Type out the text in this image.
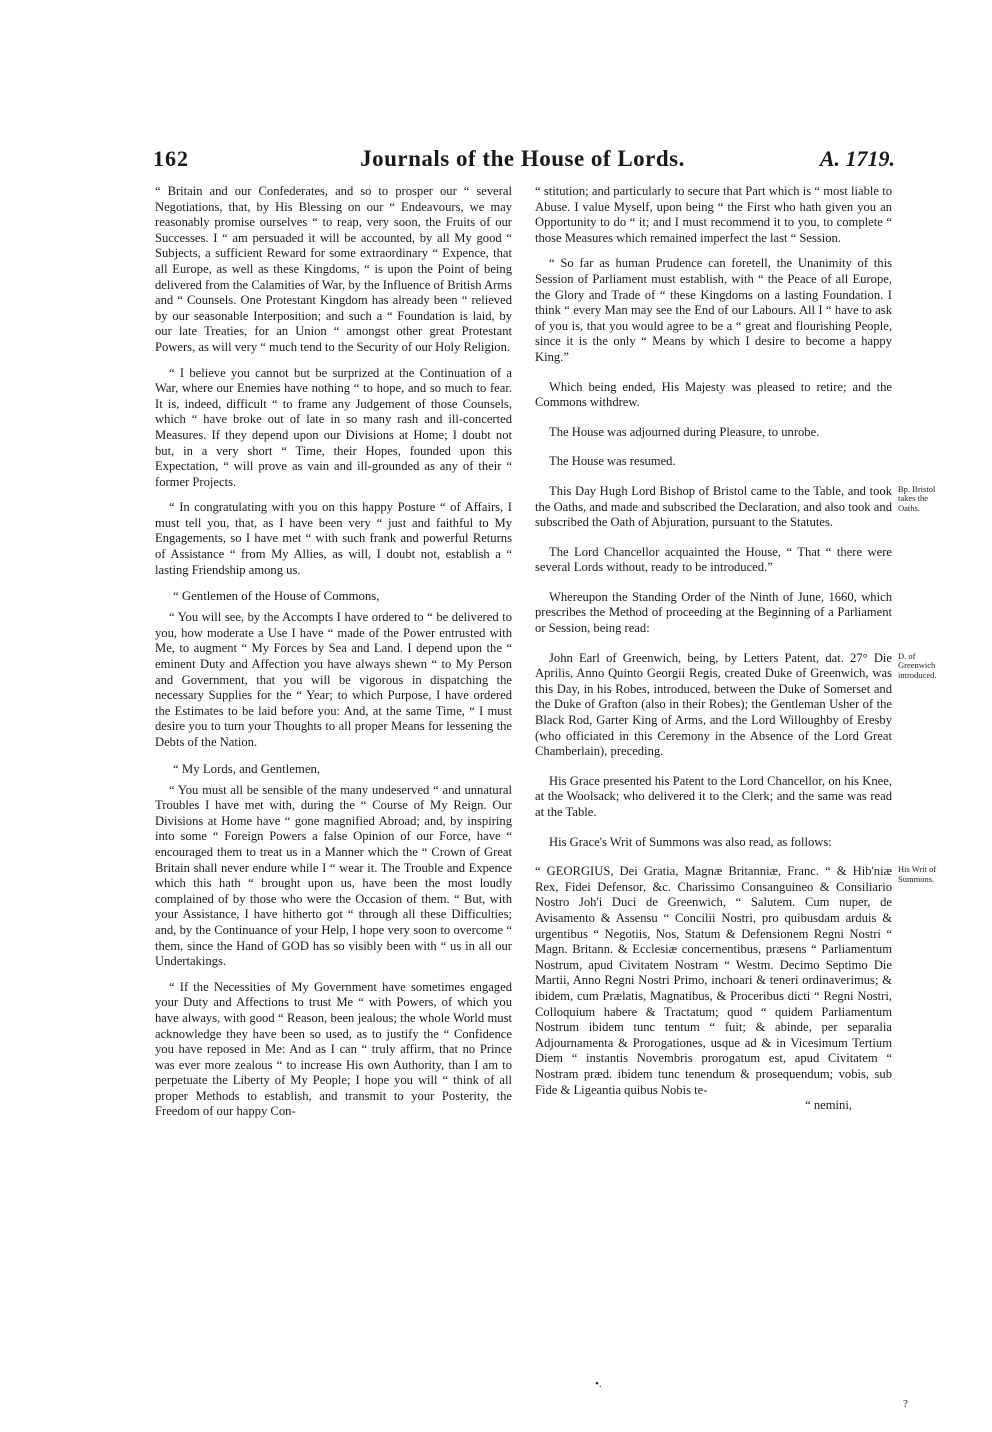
162	Journals of the House of Lords.	A. 1719.

“ Britain and our Confederates, and so to prosper our “ several Negotiations, that, by His Blessing on our “ Endeavours, we may reasonably promise ourselves “ to reap, very soon, the Fruits of our Successes. I “ am persuaded it will be accounted, by all My good “ Subjects, a sufficient Reward for some extraordinary “ Expence, that all Europe, as well as these Kingdoms, “ is upon the Point of being delivered from the Calamities of War, by the Influence of British Arms and “ Counsels. One Protestant Kingdom has already been “ relieved by our seasonable Interposition; and such a “ Foundation is laid, by our late Treaties, for an Union “ amongst other great Protestant Powers, as will very “ much tend to the Security of our Holy Religion.

“ I believe you cannot but be surprized at the Continuation of a War, where our Enemies have nothing “ to hope, and so much to fear. It is, indeed, difficult “ to frame any Judgement of those Counsels, which “ have broke out of late in so many rash and ill-concerted Measures. If they depend upon our Divisions at Home; I doubt not but, in a very short “ Time, their Hopes, founded upon this Expectation, “ will prove as vain and ill-grounded as any of their “ former Projects.

“ In congratulating with you on this happy Posture “ of Affairs, I must tell you, that, as I have been very “ just and faithful to My Engagements, so I have met “ with such frank and powerful Returns of Assistance “ from My Allies, as will, I doubt not, establish a “ lasting Friendship among us.

“ Gentlemen of the House of Commons,

“ You will see, by the Accompts I have ordered to “ be delivered to you, how moderate a Use I have “ made of the Power entrusted with Me, to augment “ My Forces by Sea and Land. I depend upon the “ eminent Duty and Affection you have always shewn “ to My Person and Government, that you will be vigorous in dispatching the necessary Supplies for the “ Year; to which Purpose, I have ordered the Estimates to be laid before you: And, at the same Time, “ I must desire you to turn your Thoughts to all proper Means for lessening the Debts of the Nation.

“ My Lords, and Gentlemen,

“ You must all be sensible of the many undeserved “ and unnatural Troubles I have met with, during the “ Course of My Reign. Our Divisions at Home have “ gone magnified Abroad; and, by inspiring into some “ Foreign Powers a false Opinion of our Force, have “ encouraged them to treat us in a Manner which the “ Crown of Great Britain shall never endure while I “ wear it. The Trouble and Expence which this hath “ brought upon us, have been the most loudly complained of by those who were the Occasion of them. “ But, with your Assistance, I have hitherto got “ through all these Difficulties; and, by the Continuance of your Help, I hope very soon to overcome “ them, since the Hand of GOD has so visibly been with “ us in all our Undertakings.

“ If the Necessities of My Government have sometimes engaged your Duty and Affections to trust Me “ with Powers, of which you have always, with good “ Reason, been jealous; the whole World must acknowledge they have been so used, as to justify the “ Confidence you have reposed in Me: And as I can “ truly affirm, that no Prince was ever more zealous “ to increase His own Authority, than I am to perpetuate the Liberty of My People; I hope you will “ think of all proper Methods to establish, and transmit to your Posterity, the Freedom of our happy Con-

“ stitution; and particularly to secure that Part which is “ most liable to Abuse. I value Myself, upon being “ the First who hath given you an Opportunity to do “ it; and I must recommend it to you, to complete “ those Measures which remained imperfect the last “ Session.

“ So far as human Prudence can foretell, the Unanimity of this Session of Parliament must establish, with “ the Peace of all Europe, the Glory and Trade of “ these Kingdoms on a lasting Foundation. I think “ every Man may see the End of our Labours. All I “ have to ask of you is, that you would agree to be a “ great and flourishing People, since it is the only “ Means by which I desire to become a happy King.”

Which being ended, His Majesty was pleased to retire; and the Commons withdrew.

The House was adjourned during Pleasure, to unrobe.

The House was resumed.

This Day Hugh Lord Bishop of Bristol came to the Table, and took the Oaths, and made and subscribed the Declaration, and also took and subscribed the Oath of Abjuration, pursuant to the Statutes.

Bp. Bristol takes the Oaths.

The Lord Chancellor acquainted the House, “ That “ there were several Lords without, ready to be introduced.”

Whereupon the Standing Order of the Ninth of June, 1660, which prescribes the Method of proceeding at the Beginning of a Parliament or Session, being read:

John Earl of Greenwich, being, by Letters Patent, dat. 27° Die Aprilis, Anno Quinto Georgii Regis, created Duke of Greenwich, was this Day, in his Robes, introduced, between the Duke of Somerset and the Duke of Grafton (also in their Robes); the Gentleman Usher of the Black Rod, Garter King of Arms, and the Lord Willoughby of Eresby (who officiated in this Ceremony in the Absence of the Lord Great Chamberlain), preceding.

D. of Greenwich introduced.

His Grace presented his Patent to the Lord Chancellor, on his Knee, at the Woolsack; who delivered it to the Clerk; and the same was read at the Table.

His Grace's Writ of Summons was also read, as follows:

“ GEORGIUS, Dei Gratia, Magnæ Britanniæ, Franc. “ & Hib'niæ Rex, Fidei Defensor, &c. Charissimo Consanguineo & Consiliario Nostro Joh'i Duci de Greenwich, “ Salutem. Cum nuper, de Avisamento & Assensu “ Concilii Nostri, pro quibusdam arduis & urgentibus “ Negotiis, Nos, Statum & Defensionem Regni Nostri “ Magn. Britann. & Ecclesiæ concernentibus, præsens “ Parliamentum Nostrum, apud Civitatem Nostram “ Westm. Decimo Septimo Die Martii, Anno Regni Nostri Primo, inchoari & teneri ordinaverimus; & ibidem, cum Prælatis, Magnatibus, & Proceribus dicti “ Regni Nostri, Colloquium habere & Tractatum; quod “ quidem Parliamentum Nostrum ibidem tunc tentum “ fuit; & abinde, per separalia Adjournamenta & Prorogationes, usque ad & in Vicesimum Tertium Diem “ instantis Novembris prorogatum est, apud Civitatem “ Nostram præd. ibidem tunc tenendum & prosequendum; vobis, sub Fide & Ligeantia quibus Nobis te-

His Writ of Summons.

“ nemini,

•.
?
